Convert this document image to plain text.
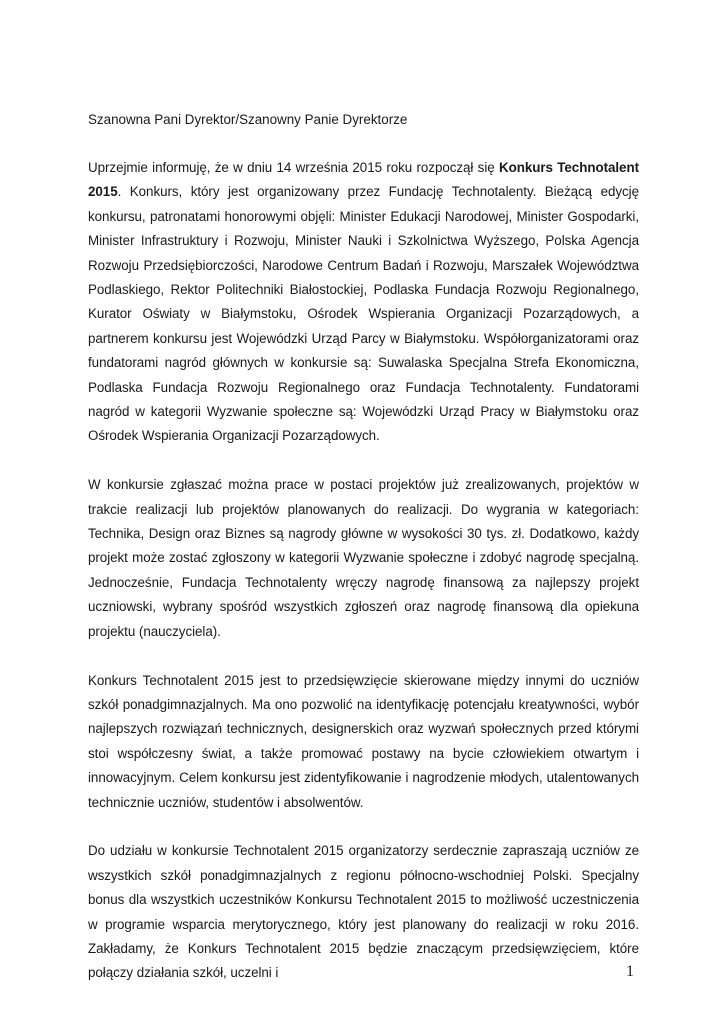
Szanowna Pani Dyrektor/Szanowny Panie Dyrektorze

Uprzejmie informuję, że w dniu 14 września 2015 roku rozpoczął się Konkurs Technotalent 2015. Konkurs, który jest organizowany przez Fundację Technotalenty. Bieżącą edycję konkursu, patronatami honorowymi objęli: Minister Edukacji Narodowej, Minister Gospodarki, Minister Infrastruktury i Rozwoju, Minister Nauki i Szkolnictwa Wyższego, Polska Agencja Rozwoju Przedsiębiorczości, Narodowe Centrum Badań i Rozwoju, Marszałek Województwa Podlaskiego, Rektor Politechniki Białostockiej, Podlaska Fundacja Rozwoju Regionalnego, Kurator Oświaty w Białymstoku, Ośrodek Wspierania Organizacji Pozarządowych, a partnerem konkursu jest Wojewódzki Urząd Parcy w Białymstoku. Współorganizatorami oraz fundatorami nagród głównych w konkursie są: Suwalaska Specjalna Strefa Ekonomiczna, Podlaska Fundacja Rozwoju Regionalnego oraz Fundacja Technotalenty. Fundatorami nagród w kategorii Wyzwanie społeczne są: Wojewódzki Urząd Pracy w Białymstoku oraz Ośrodek Wspierania Organizacji Pozarządowych.

W konkursie zgłaszać można prace w postaci projektów już zrealizowanych, projektów w trakcie realizacji lub projektów planowanych do realizacji. Do wygrania w kategoriach: Technika, Design oraz Biznes są nagrody główne w wysokości 30 tys. zł. Dodatkowo, każdy projekt może zostać zgłoszony w kategorii Wyzwanie społeczne i zdobyć nagrodę specjalną. Jednocześnie, Fundacja Technotalenty wręczy nagrodę finansową za najlepszy projekt uczniowski, wybrany spośród wszystkich zgłoszeń oraz nagrodę finansową dla opiekuna projektu (nauczyciela).

Konkurs Technotalent 2015 jest to przedsięwzięcie skierowane między innymi do uczniów szkół ponadgimnazjalnych. Ma ono pozwolić na identyfikację potencjału kreatywności, wybór najlepszych rozwiązań technicznych, designerskich oraz wyzwań społecznych przed którymi stoi współczesny świat, a także promować postawy na bycie człowiekiem otwartym i innowacyjnym. Celem konkursu jest zidentyfikowanie i nagrodzenie młodych, utalentowanych technicznie uczniów, studentów i absolwentów.

Do udziału w konkursie Technotalent 2015 organizatorzy serdecznie zapraszają uczniów ze wszystkich szkół ponadgimnazjalnych z regionu północno-wschodniej Polski. Specjalny bonus dla wszystkich uczestników Konkursu Technotalent 2015 to możliwość uczestniczenia w programie wsparcia merytorycznego, który jest planowany do realizacji w roku 2016. Zakładamy, że Konkurs Technotalent 2015 będzie znaczącym przedsięwzięciem, które połączy działania szkół, uczelni i	1
